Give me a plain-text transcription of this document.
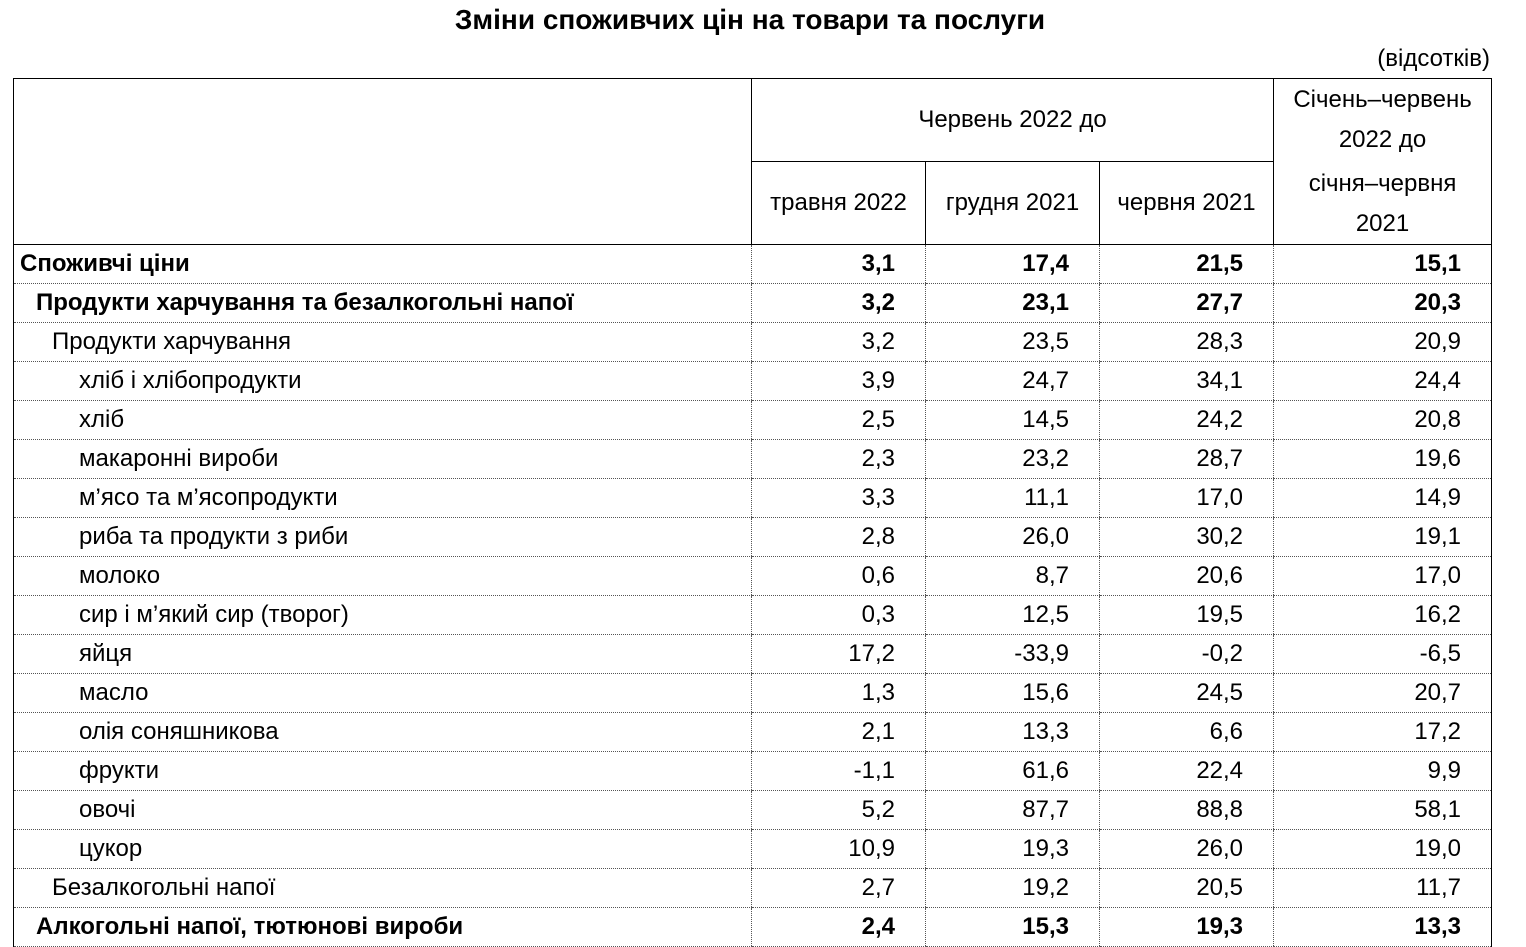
Зміни споживчих цін на товари та послуги
(відсотків)
	Червень 2022 до			Січень–червень
2022 до
січня–червня
2021

	травня 2022	грудня 2021	червня 2021	
Споживчі ціни	3,1	17,4	21,5	15,1
Продукти харчування та безалкогольні напої	3,2	23,1	27,7	20,3
Продукти харчування	3,2	23,5	28,3	20,9
хліб і хлібопродукти	3,9	24,7	34,1	24,4
хліб	2,5	14,5	24,2	20,8
макаронні вироби	2,3	23,2	28,7	19,6
м’ясо та м’ясопродукти	3,3	11,1	17,0	14,9
риба та продукти з риби	2,8	26,0	30,2	19,1
молоко	0,6	8,7	20,6	17,0
сир і м’який сир (творог)	0,3	12,5	19,5	16,2
яйця	17,2	-33,9	-0,2	-6,5
масло	1,3	15,6	24,5	20,7
олія соняшникова	2,1	13,3	6,6	17,2
фрукти	-1,1	61,6	22,4	9,9
овочі	5,2	87,7	88,8	58,1
цукор	10,9	19,3	26,0	19,0
Безалкогольні напої	2,7	19,2	20,5	11,7
Алкогольні напої, тютюнові вироби	2,4	15,3	19,3	13,3
